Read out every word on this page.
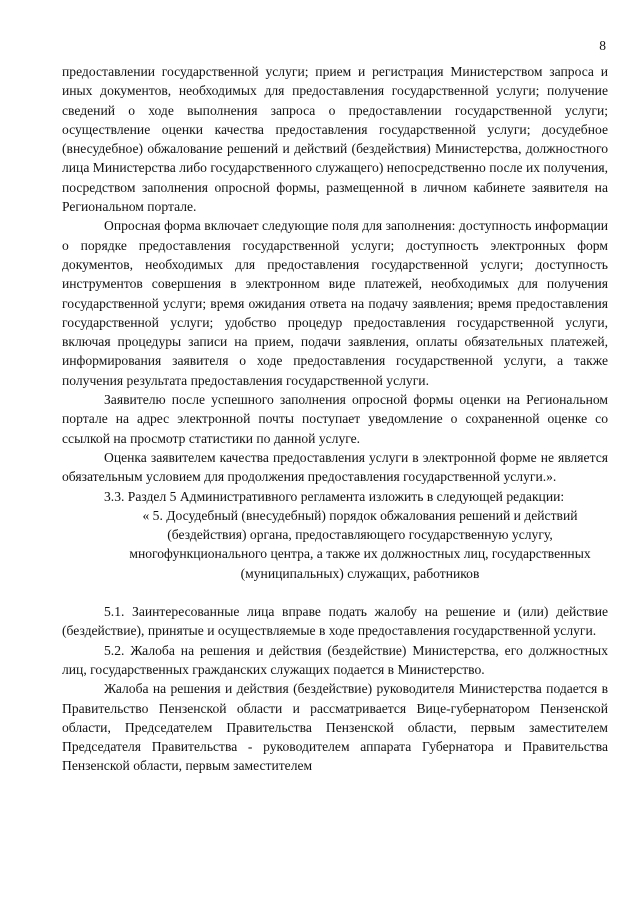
8

предоставлении государственной услуги; прием и регистрация Министерством запроса и иных документов, необходимых для предоставления государственной услуги; получение сведений о ходе выполнения запроса о предоставлении государственной услуги; осуществление оценки качества предоставления государственной услуги; досудебное (внесудебное) обжалование решений и действий (бездействия) Министерства, должностного лица Министерства либо государственного служащего) непосредственно после их получения, посредством заполнения опросной формы, размещенной в личном кабинете заявителя на Региональном портале.

Опросная форма включает следующие поля для заполнения: доступность информации о порядке предоставления государственной услуги; доступность электронных форм документов, необходимых для предоставления государственной услуги; доступность инструментов совершения в электронном виде платежей, необходимых для получения государственной услуги; время ожидания ответа на подачу заявления; время предоставления государственной услуги; удобство процедур предоставления государственной услуги, включая процедуры записи на прием, подачи заявления, оплаты обязательных платежей, информирования заявителя о ходе предоставления государственной услуги, а также получения результата предоставления государственной услуги.

Заявителю после успешного заполнения опросной формы оценки на Региональном портале на адрес электронной почты поступает уведомление о сохраненной оценке со ссылкой на просмотр статистики по данной услуге.

Оценка заявителем качества предоставления услуги в электронной форме не является обязательным условием для продолжения предоставления государственной услуги.».

3.3. Раздел 5 Административного регламента изложить в следующей редакции:

« 5. Досудебный (внесудебный) порядок обжалования решений и действий (бездействия) органа, предоставляющего государственную услугу, многофункционального центра, а также их должностных лиц, государственных (муниципальных) служащих, работников

5.1. Заинтересованные лица вправе подать жалобу на решение и (или) действие (бездействие), принятые и осуществляемые в ходе предоставления государственной услуги.

5.2. Жалоба на решения и действия (бездействие) Министерства, его должностных лиц, государственных гражданских служащих подается в Министерство.

Жалоба на решения и действия (бездействие) руководителя Министерства подается в Правительство Пензенской области и рассматривается Вице-губернатором Пензенской области, Председателем Правительства Пензенской области, первым заместителем Председателя Правительства - руководителем аппарата Губернатора и Правительства Пензенской области, первым заместителем
